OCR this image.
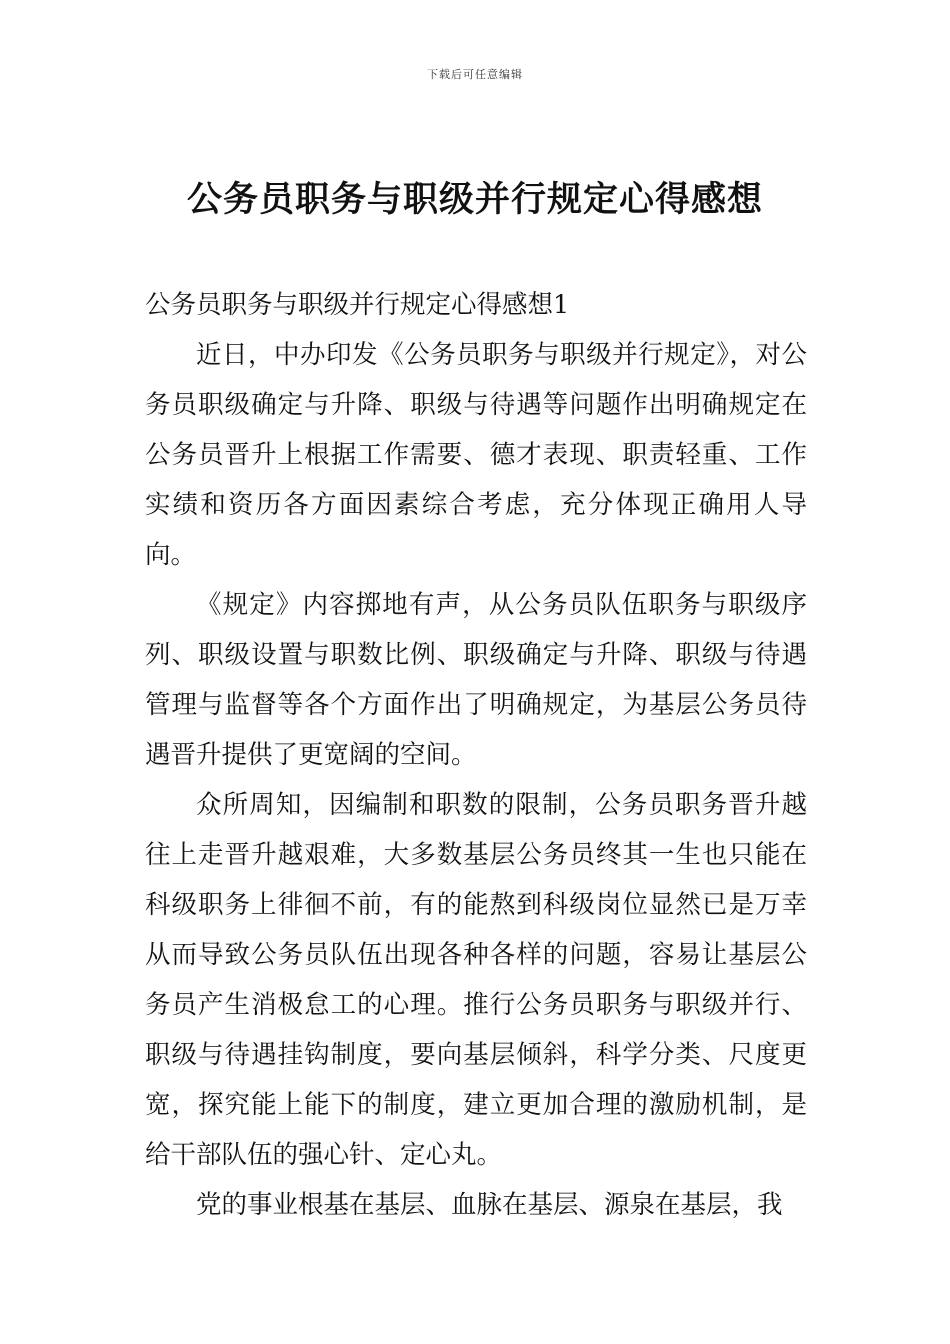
下载后可任意编辑
公务员职务与职级并行规定心得感想

公务员职务与职级并行规定心得感想1

近日，中办印发《公务员职务与职级并行规定》，对公务员职级确定与升降、职级与待遇等问题作出明确规定在公务员晋升上根据工作需要、德才表现、职责轻重、工作实绩和资历各方面因素综合考虑，充分体现正确用人导向。

《规定》内容掷地有声，从公务员队伍职务与职级序列、职级设置与职数比例、职级确定与升降、职级与待遇管理与监督等各个方面作出了明确规定，为基层公务员待遇晋升提供了更宽阔的空间。

众所周知，因编制和职数的限制，公务员职务晋升越往上走晋升越艰难，大多数基层公务员终其一生也只能在科级职务上徘徊不前，有的能熬到科级岗位显然已是万幸从而导致公务员队伍出现各种各样的问题，容易让基层公务员产生消极怠工的心理。推行公务员职务与职级并行、职级与待遇挂钩制度，要向基层倾斜，科学分类、尺度更宽，探究能上能下的制度，建立更加合理的激励机制，是给干部队伍的强心针、定心丸。

党的事业根基在基层、血脉在基层、源泉在基层，我
